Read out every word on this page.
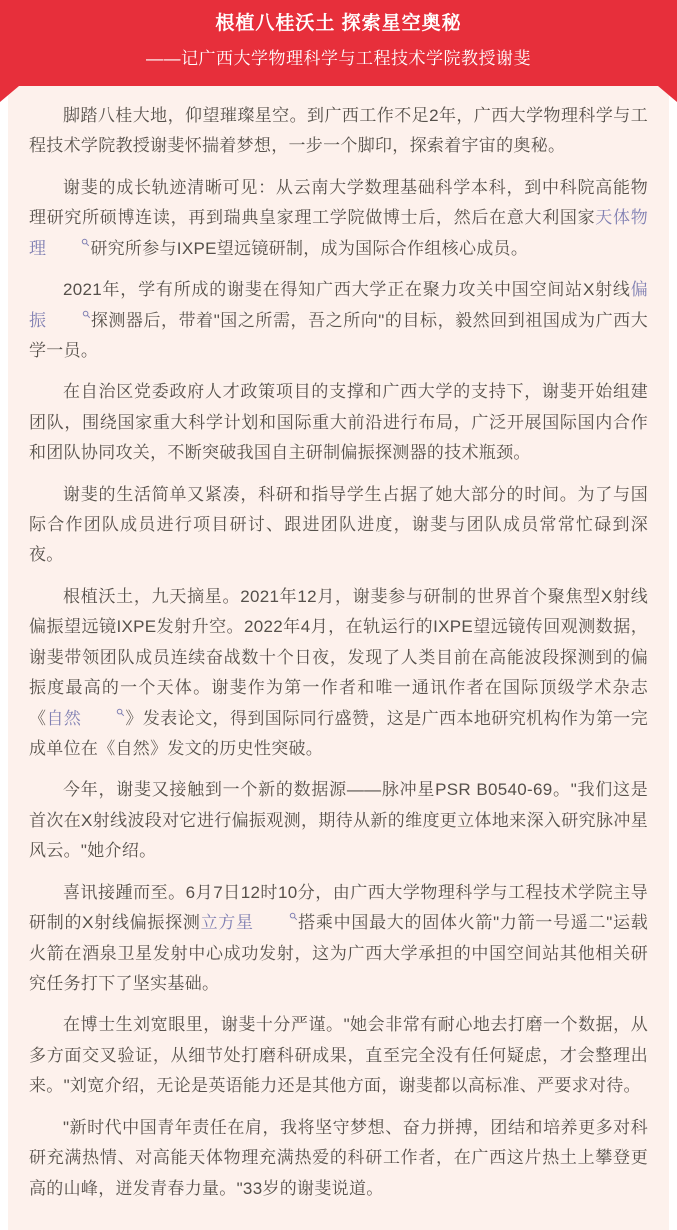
根植八桂沃土 探索星空奥秘
——记广西大学物理科学与工程技术学院教授谢斐

脚踏八桂大地，仰望璀璨星空。到广西工作不足2年，广西大学物理科学与工程技术学院教授谢斐怀揣着梦想，一步一个脚印，探索着宇宙的奥秘。

谢斐的成长轨迹清晰可见：从云南大学数理基础科学本科，到中科院高能物理研究所硕博连读，再到瑞典皇家理工学院做博士后，然后在意大利国家天体物理	研究所参与IXPE望远镜研制，成为国际合作组核心成员。

2021年，学有所成的谢斐在得知广西大学正在聚力攻关中国空间站X射线偏振	探测器后，带着"国之所需，吾之所向"的目标，毅然回到祖国成为广西大学一员。

在自治区党委政府人才政策项目的支撑和广西大学的支持下，谢斐开始组建团队，围绕国家重大科学计划和国际重大前沿进行布局，广泛开展国际国内合作和团队协同攻关，不断突破我国自主研制偏振探测器的技术瓶颈。

谢斐的生活简单又紧凑，科研和指导学生占据了她大部分的时间。为了与国际合作团队成员进行项目研讨、跟进团队进度，谢斐与团队成员常常忙碌到深夜。

根植沃土，九天摘星。2021年12月，谢斐参与研制的世界首个聚焦型X射线偏振望远镜IXPE发射升空。2022年4月，在轨运行的IXPE望远镜传回观测数据，谢斐带领团队成员连续奋战数十个日夜，发现了人类目前在高能波段探测到的偏振度最高的一个天体。谢斐作为第一作者和唯一通讯作者在国际顶级学术杂志《自然	》发表论文，得到国际同行盛赞，这是广西本地研究机构作为第一完成单位在《自然》发文的历史性突破。

今年，谢斐又接触到一个新的数据源——脉冲星PSR B0540-69。"我们这是首次在X射线波段对它进行偏振观测，期待从新的维度更立体地来深入研究脉冲星风云。"她介绍。

喜讯接踵而至。6月7日12时10分，由广西大学物理科学与工程技术学院主导研制的X射线偏振探测立方星	搭乘中国最大的固体火箭"力箭一号遥二"运载火箭在酒泉卫星发射中心成功发射，这为广西大学承担的中国空间站其他相关研究任务打下了坚实基础。

在博士生刘宽眼里，谢斐十分严谨。"她会非常有耐心地去打磨一个数据，从多方面交叉验证，从细节处打磨科研成果，直至完全没有任何疑虑，才会整理出来。"刘宽介绍，无论是英语能力还是其他方面，谢斐都以高标准、严要求对待。

"新时代中国青年责任在肩，我将坚守梦想、奋力拼搏，团结和培养更多对科研充满热情、对高能天体物理充满热爱的科研工作者，在广西这片热土上攀登更高的山峰，迸发青春力量。"33岁的谢斐说道。
